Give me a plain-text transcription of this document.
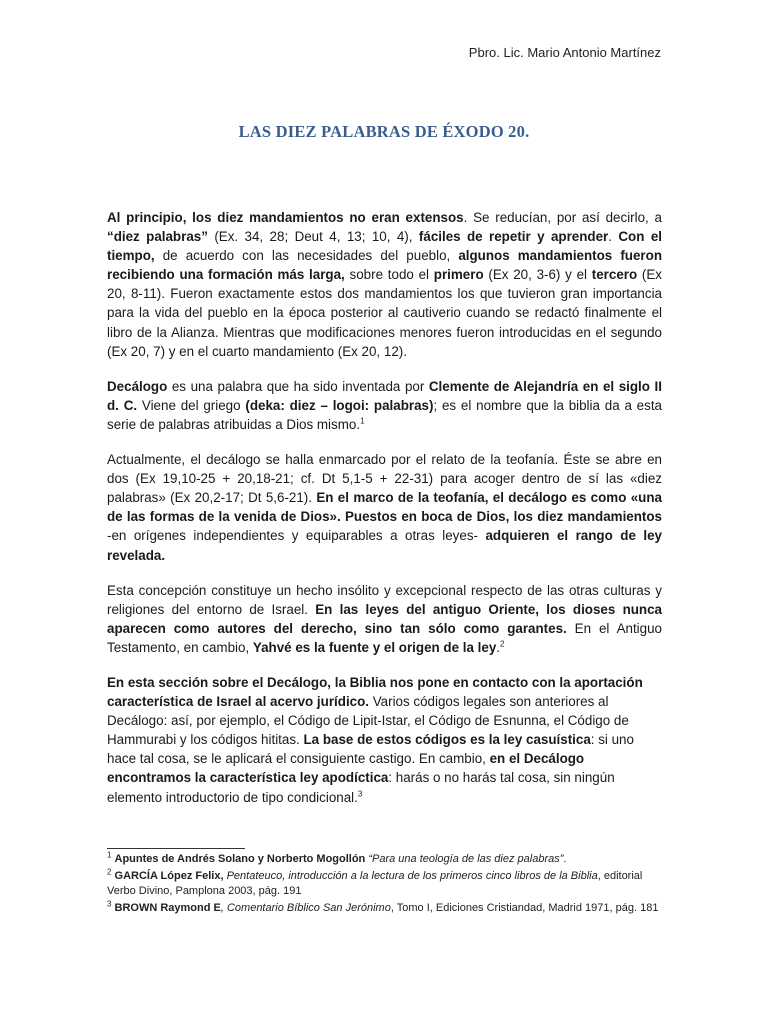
Pbro. Lic. Mario Antonio Martínez
LAS DIEZ PALABRAS DE ÉXODO 20.

Al principio, los diez mandamientos no eran extensos. Se reducían, por así decirlo, a “diez palabras” (Ex. 34, 28; Deut 4, 13; 10, 4), fáciles de repetir y aprender. Con el tiempo, de acuerdo con las necesidades del pueblo, algunos mandamientos fueron recibiendo una formación más larga, sobre todo el primero (Ex 20, 3-6) y el tercero (Ex 20, 8-11). Fueron exactamente estos dos mandamientos los que tuvieron gran importancia para la vida del pueblo en la época posterior al cautiverio cuando se redactó finalmente el libro de la Alianza. Mientras que modificaciones menores fueron introducidas en el segundo (Ex 20, 7) y en el cuarto mandamiento (Ex 20, 12).

Decálogo es una palabra que ha sido inventada por Clemente de Alejandría en el siglo II d. C. Viene del griego (deka: diez – logoi: palabras); es el nombre que la biblia da a esta serie de palabras atribuidas a Dios mismo.$^1$

Actualmente, el decálogo se halla enmarcado por el relato de la teofanía. Éste se abre en dos (Ex 19,10-25 + 20,18-21; cf. Dt 5,1-5 + 22-31) para acoger dentro de sí las «diez palabras» (Ex 20,2-17; Dt 5,6-21). En el marco de la teofanía, el decálogo es como «una de las formas de la venida de Dios». Puestos en boca de Dios, los diez mandamientos -en orígenes independientes y equiparables a otras leyes- adquieren el rango de ley revelada.

Esta concepción constituye un hecho insólito y excepcional respecto de las otras culturas y religiones del entorno de Israel. En las leyes del antiguo Oriente, los dioses nunca aparecen como autores del derecho, sino tan sólo como garantes. En el Antiguo Testamento, en cambio, Yahvé es la fuente y el origen de la ley.$^2$

En esta sección sobre el Decálogo, la Biblia nos pone en contacto con la aportación característica de Israel al acervo jurídico. Varios códigos legales son anteriores al Decálogo: así, por ejemplo, el Código de Lipit-Istar, el Código de Esnunna, el Código de Hammurabi y los códigos hititas. La base de estos códigos es la ley casuística: si uno hace tal cosa, se le aplicará el consiguiente castigo. En cambio, en el Decálogo encontramos la característica ley apodíctica: harás o no harás tal cosa, sin ningún elemento introductorio de tipo condicional.$^3$

$^1$ Apuntes de Andrés Solano y Norberto Mogollón “Para una teología de las diez palabras”.
$^2$ GARCÍA López Felix, Pentateuco, introducción a la lectura de los primeros cinco libros de la Biblia, editorial Verbo Divino, Pamplona 2003, pág. 191
$^3$ BROWN Raymond E, Comentario Bíblico San Jerónimo, Tomo I, Ediciones Cristiandad, Madrid 1971, pág. 181
